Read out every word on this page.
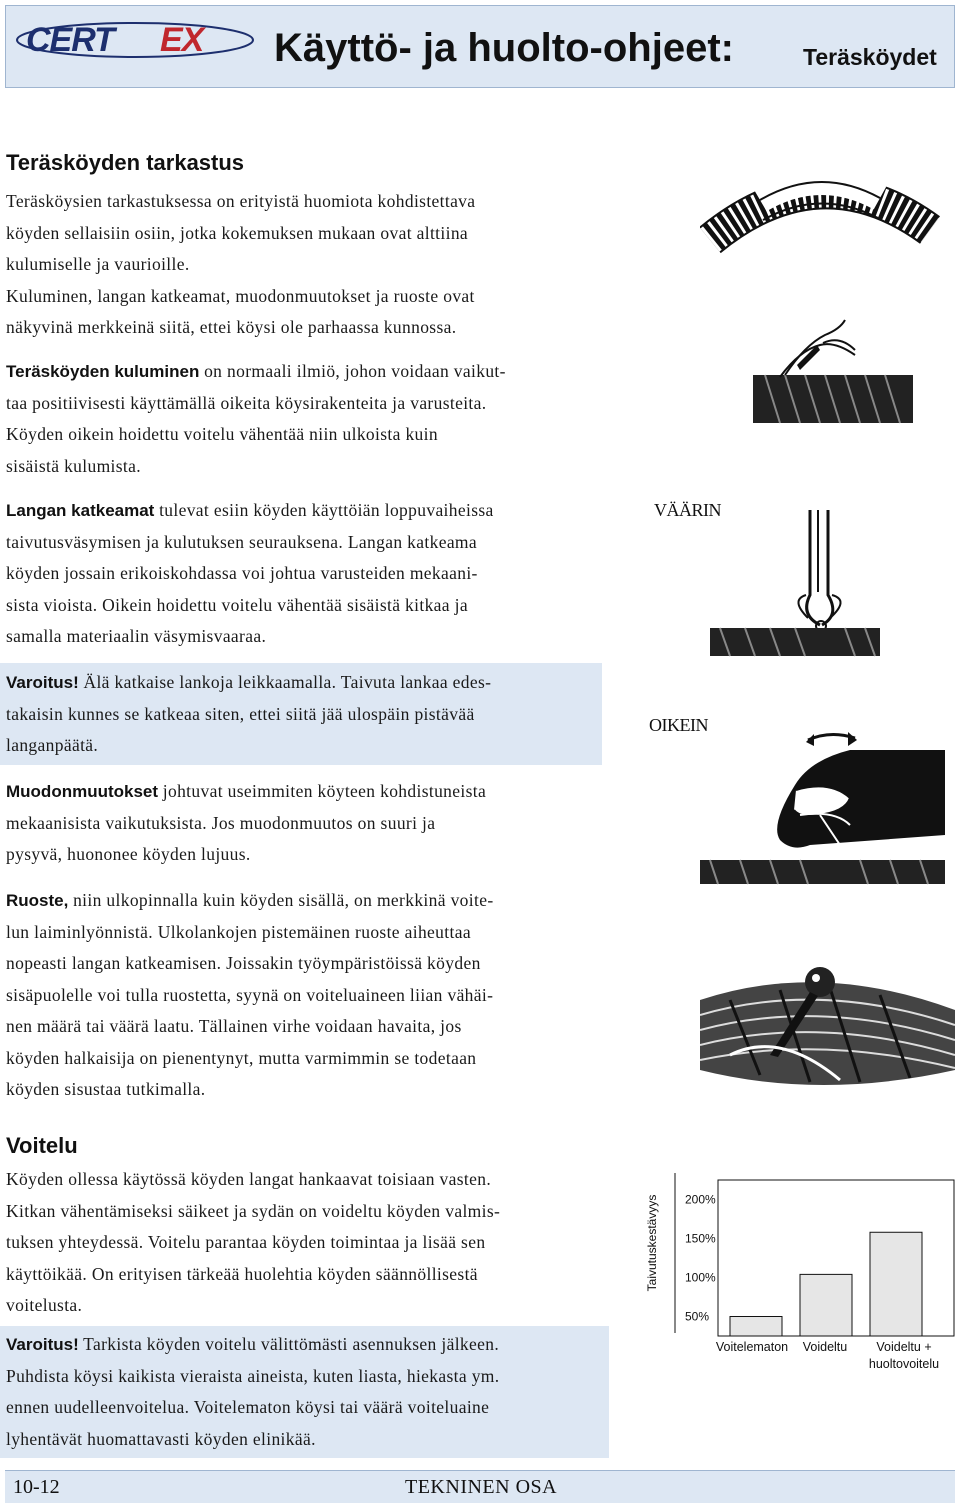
CERT EX Käyttö- ja huolto-ohjeet:	Teräsköydet
Teräsköyden tarkastus
Teräsköysien tarkastuksessa on erityistä huomiota kohdistettava
köyden sellaisiin osiin, jotka kokemuksen mukaan ovat alttiina
kulumiselle ja vaurioille.
Kuluminen, langan katkeamat, muodonmuutokset ja ruoste ovat
näkyvinä merkkeinä siitä, ettei köysi ole parhaassa kunnossa.
Teräsköyden kuluminen on normaali ilmiö, johon voidaan vaikut-
taa positiivisesti käyttämällä oikeita köysirakenteita ja varusteita.
Köyden oikein hoidettu voitelu vähentää niin ulkoista kuin
sisäistä kulumista.
Langan katkeamat tulevat esiin köyden käyttöiän loppuvaiheissa
taivutusväsymisen ja kulutuksen seurauksena. Langan katkeama
köyden jossain erikoiskohdassa voi johtua varusteiden mekaani-
sista vioista. Oikein hoidettu voitelu vähentää sisäistä kitkaa ja
samalla materiaalin väsymisvaaraa.
Varoitus! Älä katkaise lankoja leikkaamalla. Taivuta lankaa edes-
takaisin kunnes se katkeaa siten, ettei siitä jää ulospäin pistävää
langanpäätä.
Muodonmuutokset johtuvat useimmiten köyteen kohdistuneista
mekaanisista vaikutuksista. Jos muodonmuutos on suuri ja
pysyvä, huononee köyden lujuus.
Ruoste, niin ulkopinnalla kuin köyden sisällä, on merkkinä voite-
lun laiminlyönnistä. Ulkolankojen pistemäinen ruoste aiheuttaa
nopeasti langan katkeamisen. Joissakin työympäristöissä köyden
sisäpuolelle voi tulla ruostetta, syynä on voiteluaineen liian vähäi-
nen määrä tai väärä laatu. Tällainen virhe voidaan havaita, jos
köyden halkaisija on pienentynyt, mutta varmimmin se todetaan
köyden sisustaa tutkimalla.
Voitelu
Köyden ollessa käytössä köyden langat hankaavat toisiaan vasten.
Kitkan vähentämiseksi säikeet ja sydän on voideltu köyden valmis-
tuksen yhteydessä. Voitelu parantaa köyden toimintaa ja lisää sen
käyttöikää. On erityisen tärkeää huolehtia köyden säännöllisestä
voitelusta.
Varoitus! Tarkista köyden voitelu välittömästi asennuksen jälkeen.
Puhdista köysi kaikista vieraista aineista, kuten liasta, hiekasta ym.
ennen uudelleenvoitelua. Voitelematon köysi tai väärä voiteluaine
lyhentävät huomattavasti köyden elinikää.
VÄÄRIN
OIKEIN
Taivutuskestävyys 200%
150%
100%
50%
Voitelematon Voideltu Voideltu +
huoltovoitelu
10-12	TEKNINEN OSA
